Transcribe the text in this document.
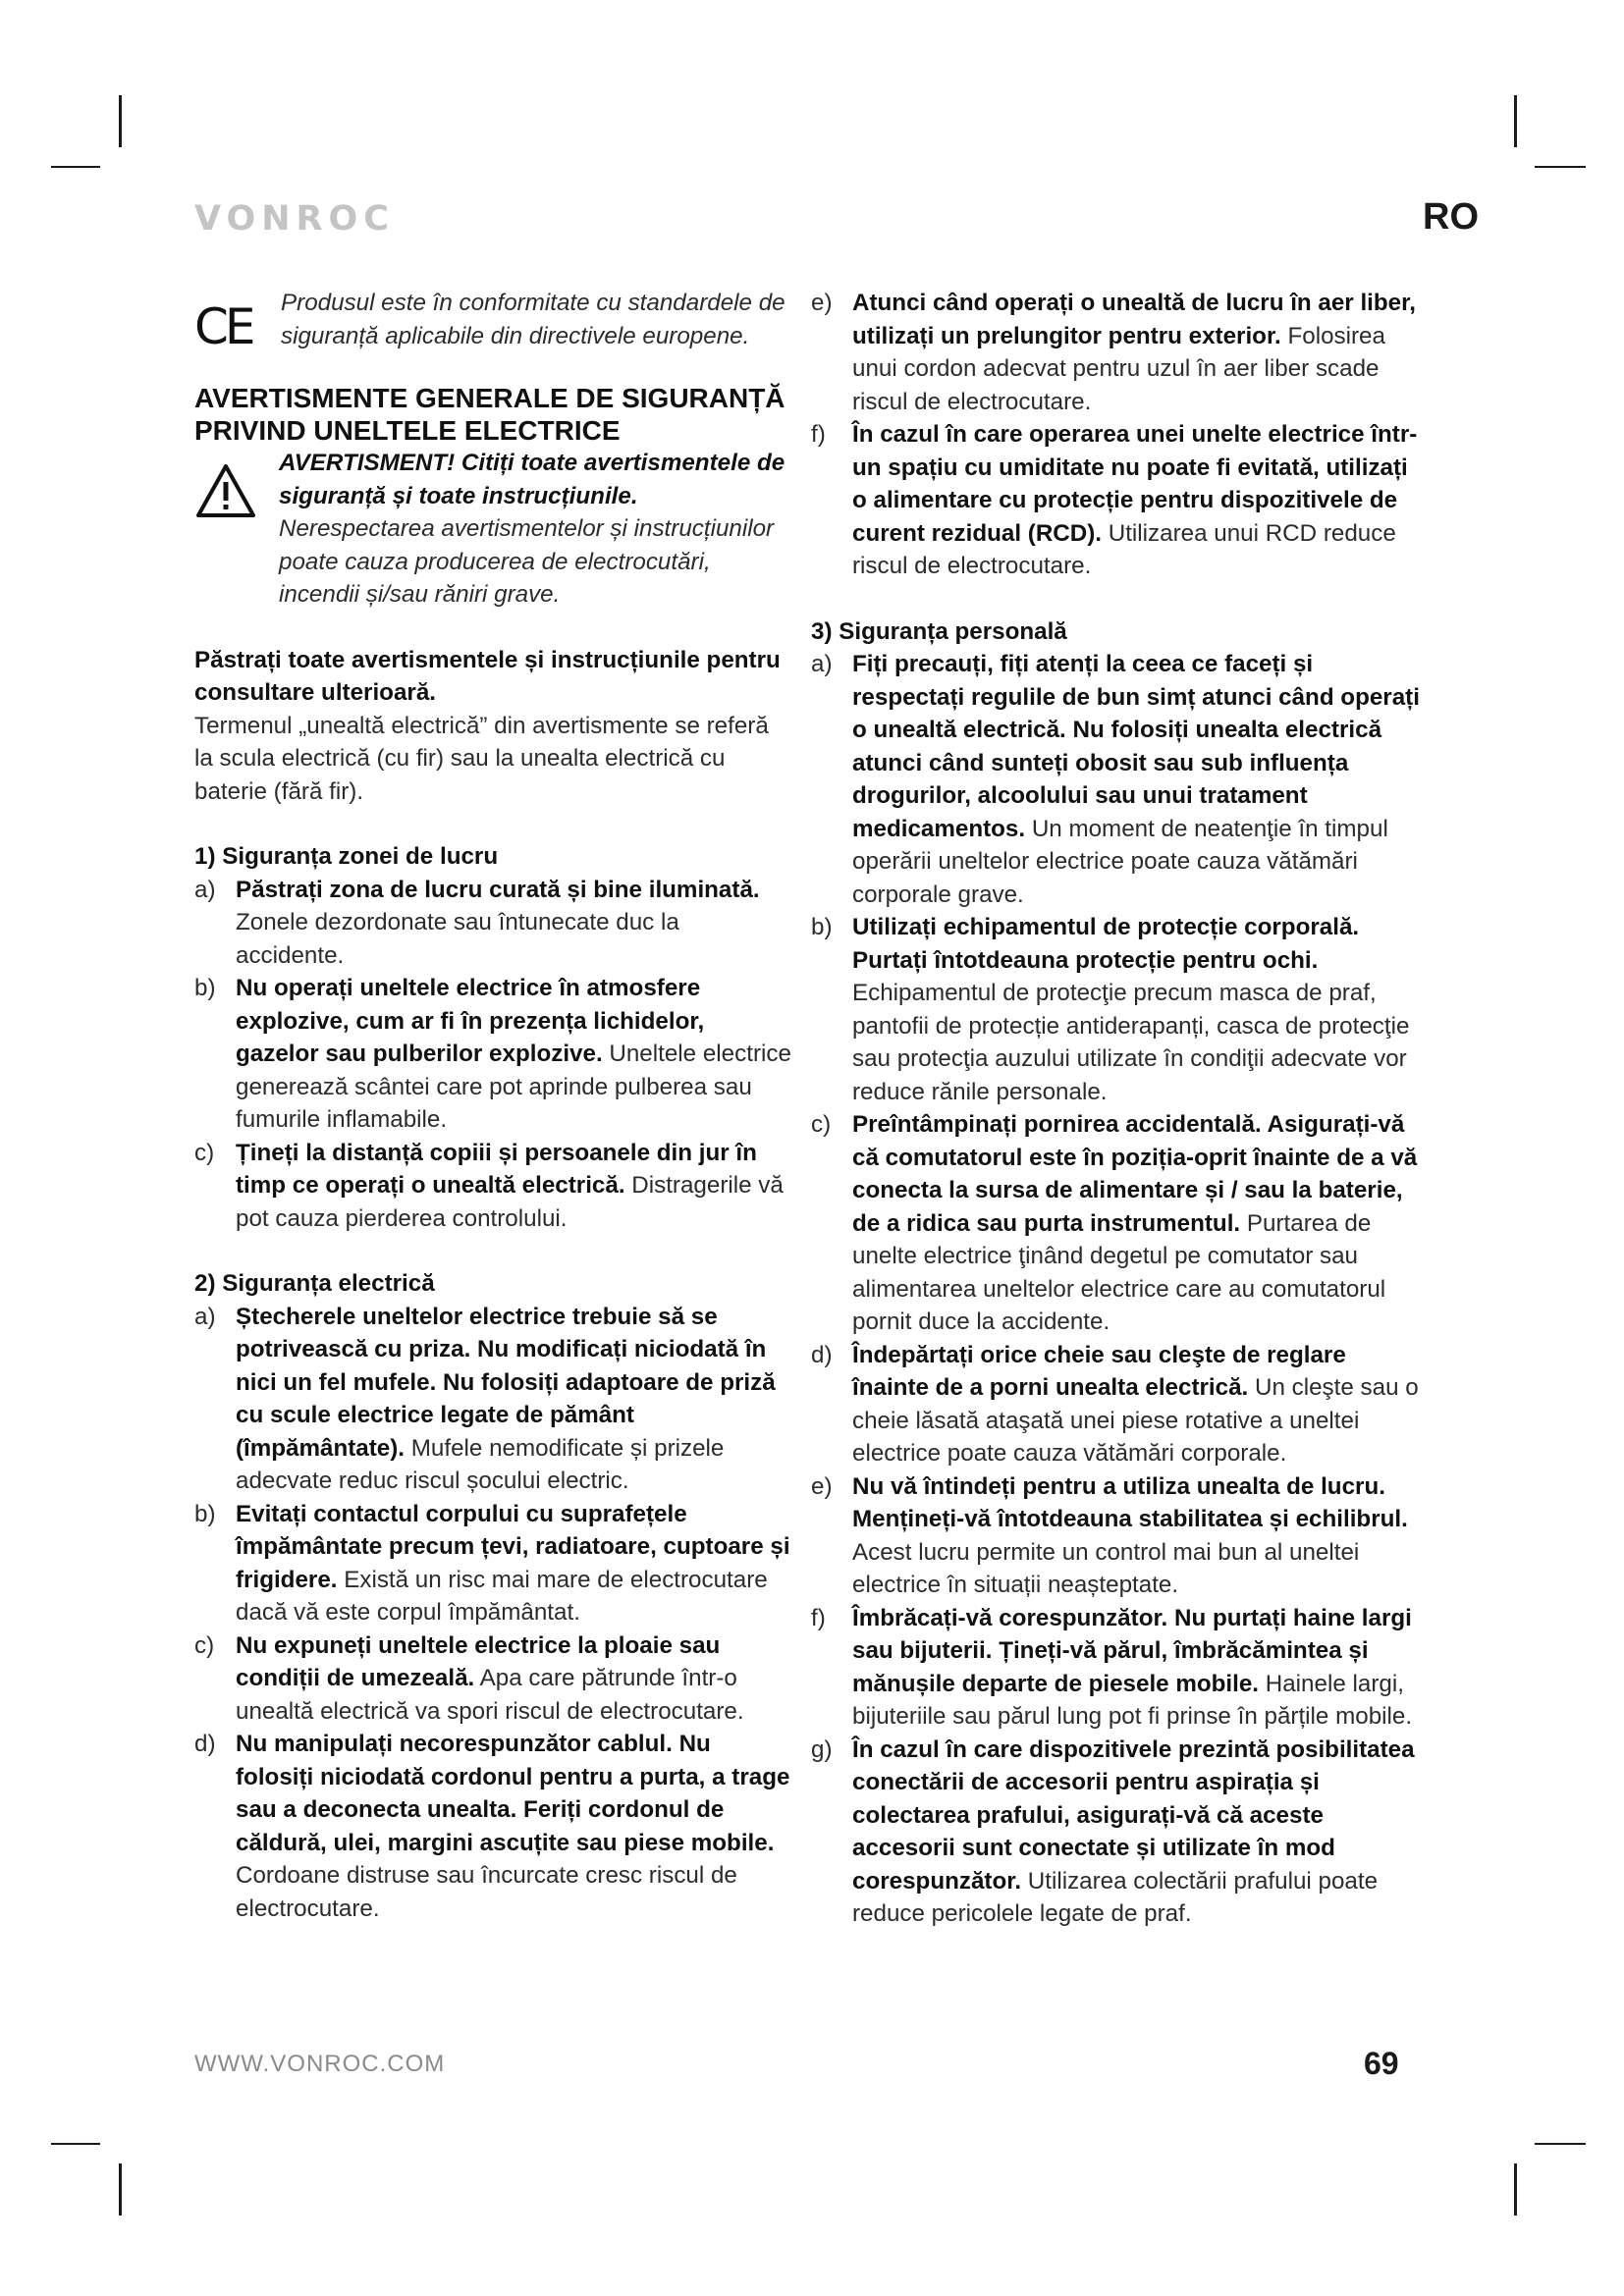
VONROC	RO
CE	Produsul este în conformitate cu standardele de siguranță aplicabile din directivele europene.

AVERTISMENTE GENERALE DE SIGURANȚĂ PRIVIND UNELTELE ELECTRICE

AVERTISMENT! Citiți toate avertismentele de siguranță și toate instrucțiunile.

Nerespectarea avertismentelor și instrucțiunilor poate cauza producerea de electrocutări, incendii și/sau răniri grave.

Păstrați toate avertismentele și instrucțiunile pentru consultare ulterioară.

Termenul „unealtă electrică” din avertismente se referă la scula electrică (cu fir) sau la unealta electrică cu baterie (fără fir).

1) Siguranța zonei de lucru

a) Păstrați zona de lucru curată și bine iluminată. Zonele dezordonate sau întunecate duc la accidente.

b) Nu operați uneltele electrice în atmosfere explozive, cum ar fi în prezența lichidelor, gazelor sau pulberilor explozive. Uneltele electrice generează scântei care pot aprinde pulberea sau fumurile inflamabile.

c) Țineți la distanță copiii și persoanele din jur în timp ce operați o unealtă electrică. Distragerile vă pot cauza pierderea controlului.

2) Siguranța electrică

a) Ștecherele uneltelor electrice trebuie să se potrivească cu priza. Nu modificați niciodată în nici un fel mufele. Nu folosiți adaptoare de priză cu scule electrice legate de pământ (împământate). Mufele nemodificate și prizele adecvate reduc riscul șocului electric.

b) Evitați contactul corpului cu suprafețele împământate precum țevi, radiatoare, cuptoare și frigidere. Există un risc mai mare de electrocutare dacă vă este corpul împământat.

c) Nu expuneți uneltele electrice la ploaie sau condiții de umezeală. Apa care pătrunde într-o unealtă electrică va spori riscul de electrocutare.

d) Nu manipulați necorespunzător cablul. Nu folosiți niciodată cordonul pentru a purta, a trage sau a deconecta unealta. Feriți cordonul de căldură, ulei, margini ascuțite sau piese mobile. Cordoane distruse sau încurcate cresc riscul de electrocutare.

e) Atunci când operați o unealtă de lucru în aer liber, utilizați un prelungitor pentru exterior. Folosirea unui cordon adecvat pentru uzul în aer liber scade riscul de electrocutare.

f)	În cazul în care operarea unei unelte electrice într-un spațiu cu umiditate nu poate fi evitată, utilizați o alimentare cu protecție pentru dispozitivele de curent rezidual (RCD). Utilizarea unui RCD reduce riscul de electrocutare.

3) Siguranța personală

a) Fiți precauți, fiți atenți la ceea ce faceți și respectați regulile de bun simț atunci când operați o unealtă electrică. Nu folosiți unealta electrică atunci când sunteți obosit sau sub influența drogurilor, alcoolului sau unui tratament medicamentos. Un moment de neatenţie în timpul operării uneltelor electrice poate cauza vătămări corporale grave.

b) Utilizați echipamentul de protecție corporală. Purtați întotdeauna protecție pentru ochi. Echipamentul de protecţie precum masca de praf, pantofii de protecție antiderapanți, casca de protecţie sau protecţia auzului utilizate în condiţii adecvate vor reduce rănile personale.

c) Preîntâmpinați pornirea accidentală. Asigurați-vă că comutatorul este în poziția-oprit înainte de a vă conecta la sursa de alimentare și / sau la baterie, de a ridica sau purta instrumentul. Purtarea de unelte electrice ţinând degetul pe comutator sau alimentarea uneltelor electrice care au comutatorul pornit duce la accidente.

d) Îndepărtați orice cheie sau cleşte de reglare înainte de a porni unealta electrică. Un cleşte sau o cheie lăsată ataşată unei piese rotative a uneltei electrice poate cauza vătămări corporale.

e) Nu vă întindeți pentru a utiliza unealta de lucru. Mențineți-vă întotdeauna stabilitatea și echilibrul. Acest lucru permite un control mai bun al uneltei electrice în situații neașteptate.

f)	Îmbrăcați-vă corespunzător. Nu purtați haine largi sau bijuterii. Țineți-vă părul, îmbrăcămintea și mănușile departe de piesele mobile. Hainele largi, bijuteriile sau părul lung pot fi prinse în părțile mobile.

g) În cazul în care dispozitivele prezintă posibilitatea conectării de accesorii pentru aspirația și colectarea prafului, asigurați-vă că aceste accesorii sunt conectate și utilizate în mod corespunzător. Utilizarea colectării prafului poate reduce pericolele legate de praf.

WWW.VONROC.COM	69
